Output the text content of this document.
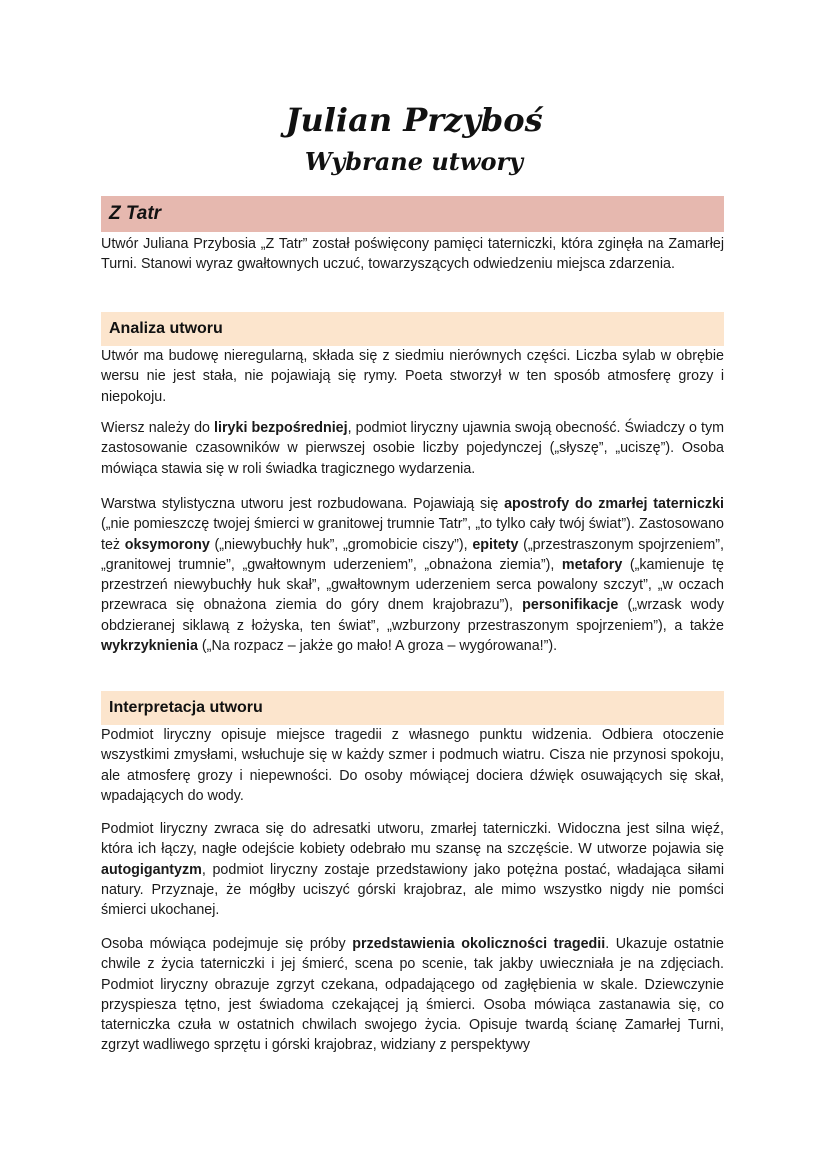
Julian Przyboś
Wybrane utwory
Z Tatr

Utwór Juliana Przybosia „Z Tatr” został poświęcony pamięci taterniczki, która zginęła na Zamarłej Turni. Stanowi wyraz gwałtownych uczuć, towarzyszących odwiedzeniu miejsca zdarzenia.

Analiza utworu

Utwór ma budowę nieregularną, składa się z siedmiu nierównych części. Liczba sylab w obrębie wersu nie jest stała, nie pojawiają się rymy. Poeta stworzył w ten sposób atmosferę grozy i niepokoju.

Wiersz należy do liryki bezpośredniej, podmiot liryczny ujawnia swoją obecność. Świadczy o tym zastosowanie czasowników w pierwszej osobie liczby pojedynczej („słyszę”, „uciszę”). Osoba mówiąca stawia się w roli świadka tragicznego wydarzenia.

Warstwa stylistyczna utworu jest rozbudowana. Pojawiają się apostrofy do zmarłej taterniczki („nie pomieszczę twojej śmierci w granitowej trumnie Tatr”, „to tylko cały twój świat”). Zastosowano też oksymorony („niewybuchły huk”, „gromobicie ciszy”), epitety („przestraszonym spojrzeniem”, „granitowej trumnie”, „gwałtownym uderzeniem”, „obnażona ziemia”), metafory („kamienuje tę przestrzeń niewybuchły huk skał”, „gwałtownym uderzeniem serca powalony szczyt”, „w oczach przewraca się obnażona ziemia do góry dnem krajobrazu”), personifikacje („wrzask wody obdzieranej siklawą z łożyska, ten świat”, „wzburzony przestraszonym spojrzeniem”), a także wykrzyknienia („Na rozpacz – jakże go mało! A groza – wygórowana!”).

Interpretacja utworu

Podmiot liryczny opisuje miejsce tragedii z własnego punktu widzenia. Odbiera otoczenie wszystkimi zmysłami, wsłuchuje się w każdy szmer i podmuch wiatru. Cisza nie przynosi spokoju, ale atmosferę grozy i niepewności. Do osoby mówiącej dociera dźwięk osuwających się skał, wpadających do wody.

Podmiot liryczny zwraca się do adresatki utworu, zmarłej taterniczki. Widoczna jest silna więź, która ich łączy, nagłe odejście kobiety odebrało mu szansę na szczęście. W utworze pojawia się autogigantyzm, podmiot liryczny zostaje przedstawiony jako potężna postać, władająca siłami natury. Przyznaje, że mógłby uciszyć górski krajobraz, ale mimo wszystko nigdy nie pomści śmierci ukochanej.

Osoba mówiąca podejmuje się próby przedstawienia okoliczności tragedii. Ukazuje ostatnie chwile z życia taterniczki i jej śmierć, scena po scenie, tak jakby uwieczniała je na zdjęciach. Podmiot liryczny obrazuje zgrzyt czekana, odpadającego od zagłębienia w skale. Dziewczynie przyspiesza tętno, jest świadoma czekającej ją śmierci. Osoba mówiąca zastanawia się, co taterniczka czuła w ostatnich chwilach swojego życia. Opisuje twardą ścianę Zamarłej Turni, zgrzyt wadliwego sprzętu i górski krajobraz, widziany z perspektywy
